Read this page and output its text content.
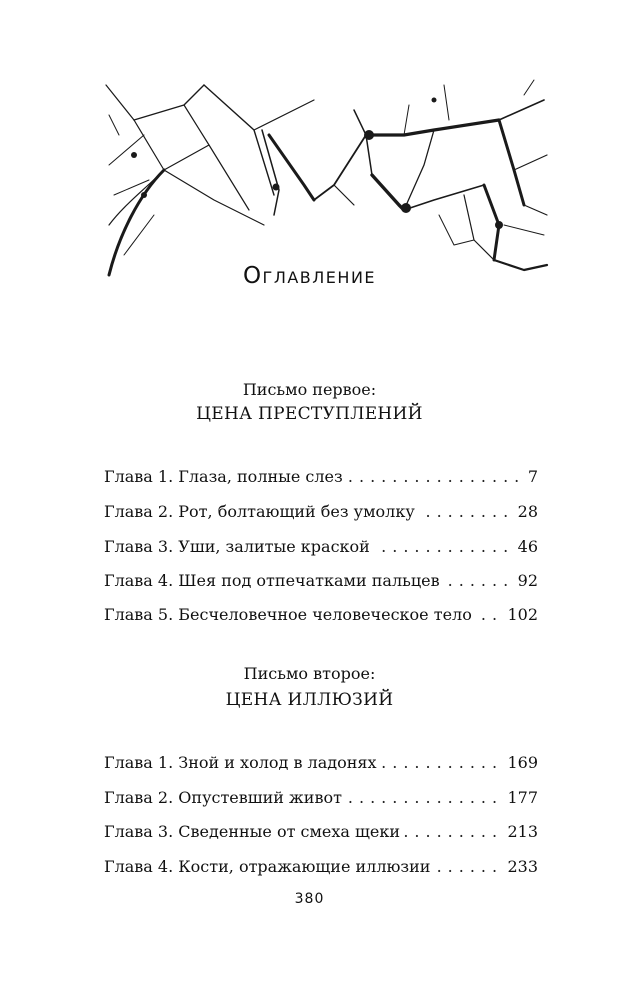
Оглавление
Письмо первое:
ЦЕНА ПРЕСТУПЛЕНИЙ
Глава 1. Глаза, полные слез	7
Глава 2. Рот, болтающий без умолку	28
Глава 3. Уши, залитые краской	46
Глава 4. Шея под отпечатками пальцев	92
Глава 5. Бесчеловечное человеческое тело 102
Письмо второе:
ЦЕНА ИЛЛЮЗИЙ
Глава 1. Зной и холод в ладонях	169
Глава 2. Опустевший живот	177
Глава 3. Сведенные от смеха щеки	213
Глава 4. Кости, отражающие иллюзии	233
380
